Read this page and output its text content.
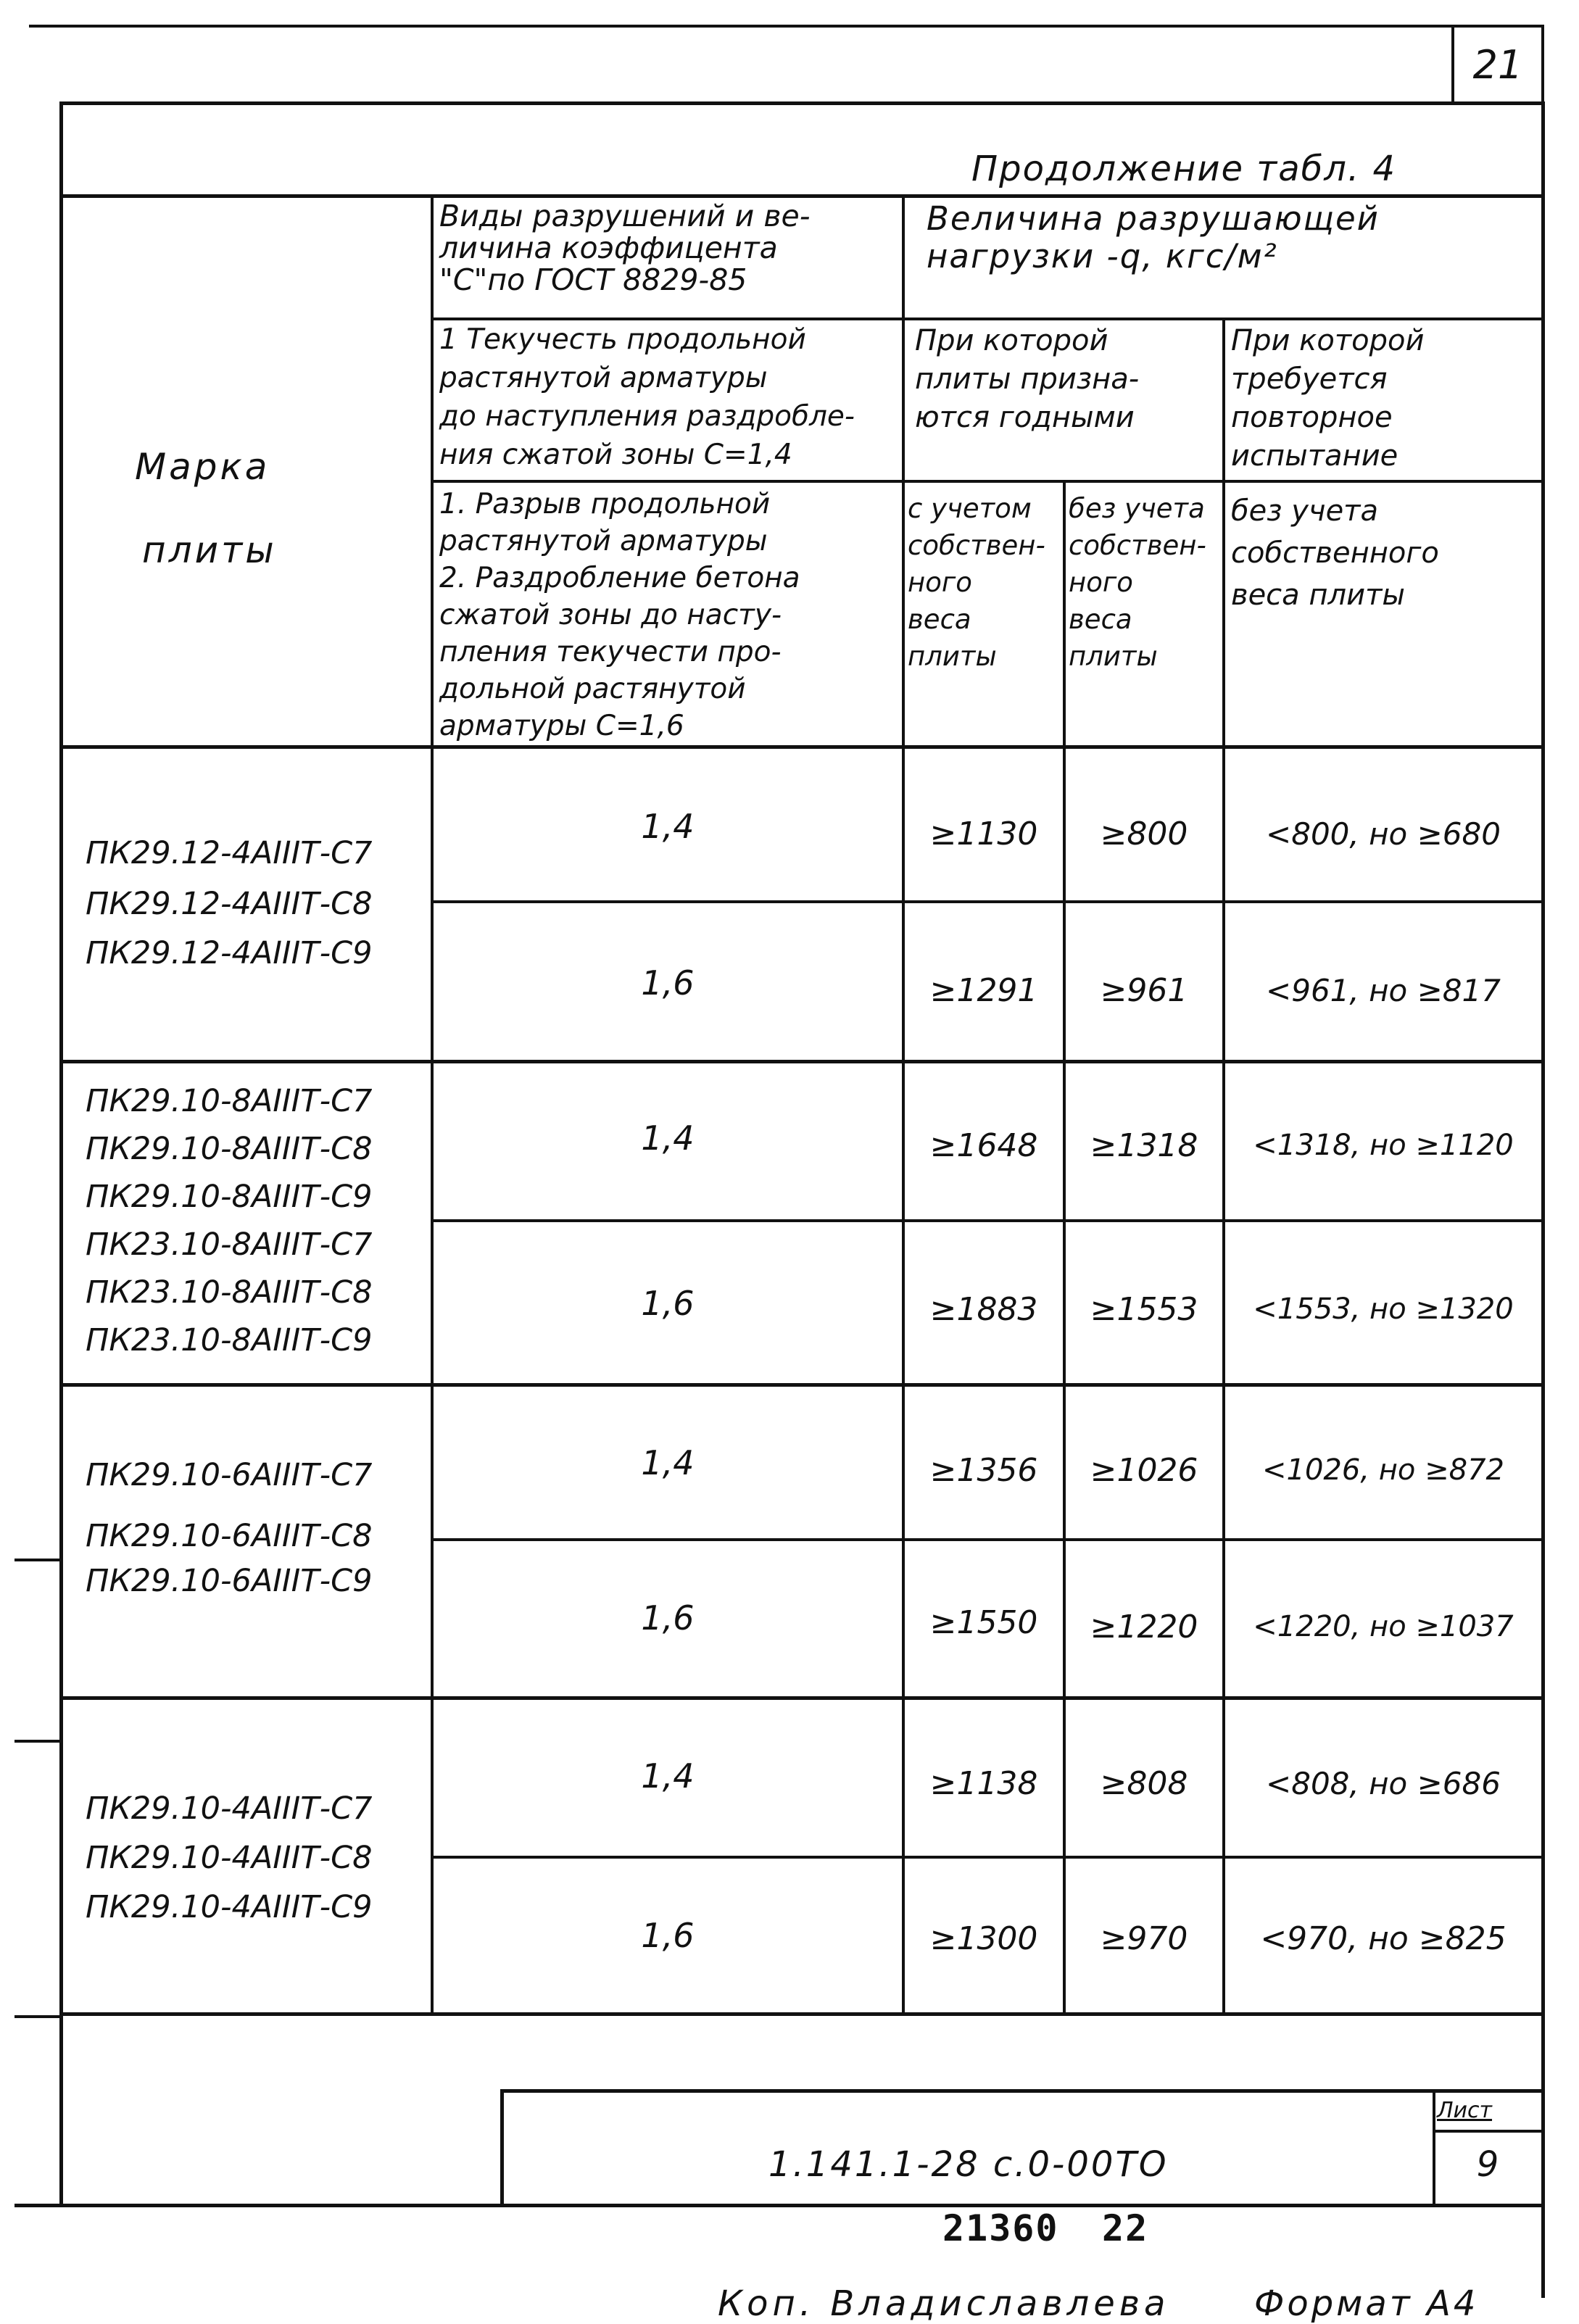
21
Продолжение табл. 4
Марка
плиты
Виды разрушений и ве-
личина коэффицента
"С"по ГОСТ 8829-85
Величина разрушающей
нагрузки -q, кгс/м²
1 Текучесть продольной
растянутой арматуры
до наступления раздробле-
ния сжатой зоны С=1,4
При которой
плиты призна-
ются годными
При которой
требуется
повторное
испытание
1. Разрыв продольной
растянутой арматуры
2. Раздробление бетона
сжатой зоны до насту-
пления текучести про-
дольной растянутой
арматуры С=1,6
с учетом
собствен-
ного
веса
плиты
без учета
собствен-
ного
веса
плиты
без учета
собственного
веса плиты
ПК29.12-4АIIIТ-С7
ПК29.12-4АIIIТ-С8
ПК29.12-4АIIIТ-С9
1,4	≥1130	≥800	<800, но ≥680
1,6	≥1291	≥961	<961, но ≥817
ПК29.10-8АIIIТ-С7
ПК29.10-8АIIIТ-С8
ПК29.10-8АIIIТ-С9
ПК23.10-8АIIIТ-С7
ПК23.10-8АIIIТ-С8
ПК23.10-8АIIIТ-С9
1,4	≥1648	≥1318	<1318, но ≥1120
1,6	≥1883	≥1553	<1553, но ≥1320
ПК29.10-6АIIIТ-С7
ПК29.10-6АIIIТ-С8
ПК29.10-6АIIIТ-С9
1,4	≥1356	≥1026	<1026, но ≥872
1,6	≥1550	≥1220	<1220, но ≥1037
ПК29.10-4АIIIТ-С7
ПК29.10-4АIIIТ-С8
ПК29.10-4АIIIТ-С9
1,4	≥1138	≥808	<808, но ≥686
1,6	≥1300	≥970	<970, но ≥825
1.141.1-28 с.0-00ТО
Лист
9
21360 22
Коп. Владиславлева Формат А4
